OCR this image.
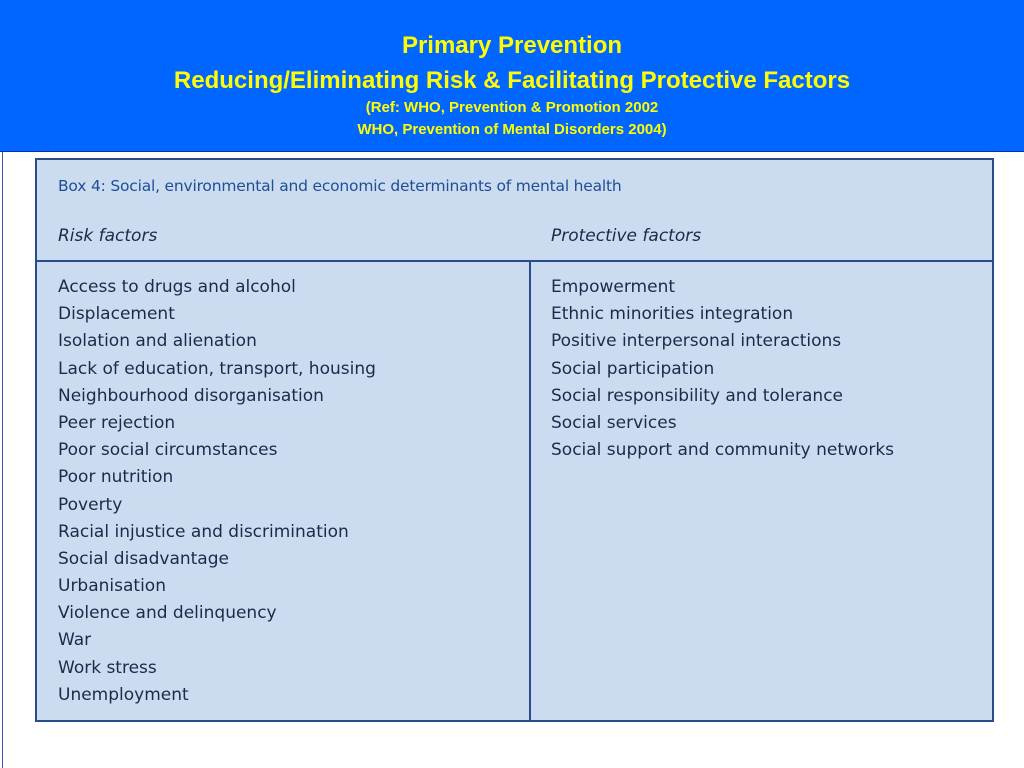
Primary Prevention
Reducing/Eliminating Risk & Facilitating Protective Factors
(Ref: WHO, Prevention & Promotion 2002
WHO, Prevention of Mental Disorders 2004)
Box 4: Social, environmental and economic determinants of mental health
Risk factors	Protective factors
Access to drugs and alcohol
Displacement
Isolation and alienation
Lack of education, transport, housing
Neighbourhood disorganisation
Peer rejection
Poor social circumstances
Poor nutrition
Poverty
Racial injustice and discrimination
Social disadvantage
Urbanisation
Violence and delinquency
War
Work stress
Unemployment
Empowerment
Ethnic minorities integration
Positive interpersonal interactions
Social participation
Social responsibility and tolerance
Social services
Social support and community networks
